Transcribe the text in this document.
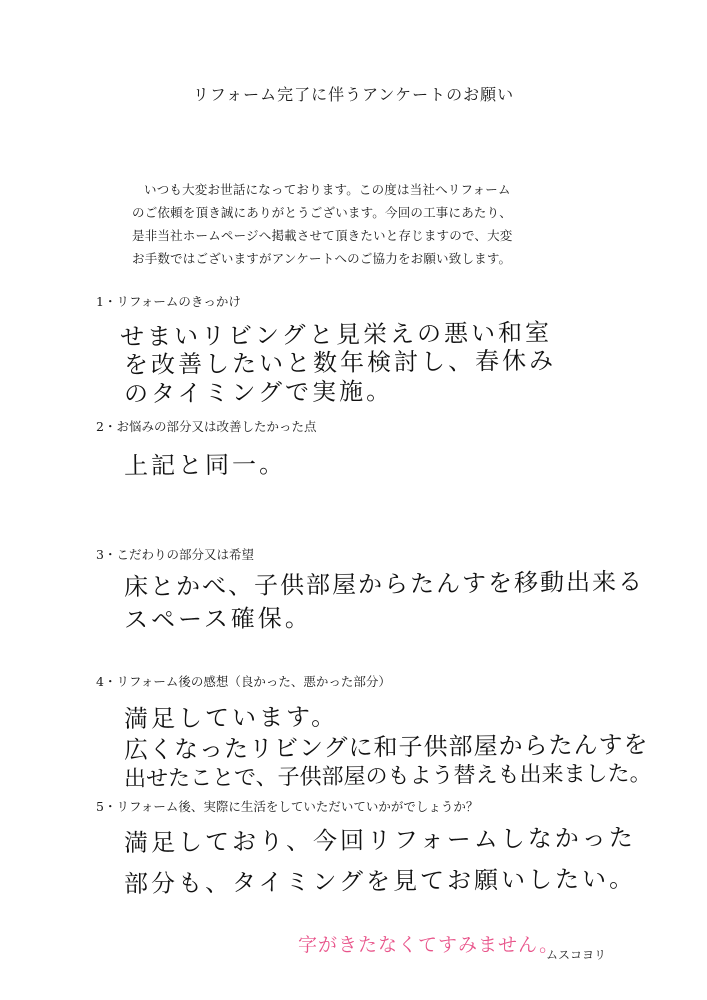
リフォーム完了に伴うアンケートのお願い

いつも大変お世話になっております。この度は当社へリフォーム

のご依頼を頂き誠にありがとうございます。今回の工事にあたり、

是非当社ホームページへ掲載させて頂きたいと存じますので、大変

お手数ではございますがアンケートへのご協力をお願い致します。

1・リフォームのきっかけ
せまいリビングと見栄えの悪い和室
を改善したいと数年検討し、春休み
のタイミングで実施。
2・お悩みの部分又は改善したかった点
上記と同一。
3・こだわりの部分又は希望
床とかべ、子供部屋からたんすを移動出来る
スペース確保。
4・リフォーム後の感想（良かった、悪かった部分）
満足しています。
広くなったリビングに和子供部屋からたんすを
出せたことで、子供部屋のもよう替えも出来ました。
5・リフォーム後、実際に生活をしていただいていかがでしょうか？
満足しており、今回リフォームしなかった
部分も、タイミングを見てお願いしたい。
字がきたなくてすみません。
ムスコヨリ
